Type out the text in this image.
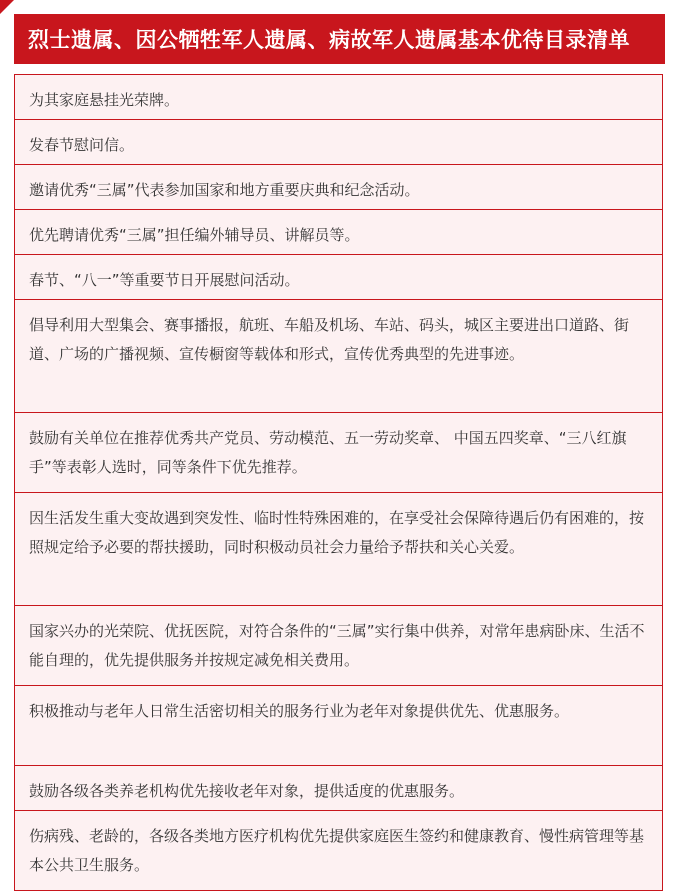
烈士遗属、因公牺牲军人遗属、病故军人遗属基本优待目录清单
为其家庭悬挂光荣牌。
发春节慰问信。
邀请优秀“三属”代表参加国家和地方重要庆典和纪念活动。
优先聘请优秀“三属”担任编外辅导员、讲解员等。
春节、“八一”等重要节日开展慰问活动。
倡导利用大型集会、赛事播报，航班、车船及机场、车站、码头，城区主要进出口道路、街道、广场的广播视频、宣传橱窗等载体和形式，宣传优秀典型的先进事迹。
鼓励有关单位在推荐优秀共产党员、劳动模范、五一劳动奖章、 中国五四奖章、“三八红旗手”等表彰人选时，同等条件下优先推荐。
因生活发生重大变故遇到突发性、临时性特殊困难的，在享受社会保障待遇后仍有困难的，按照规定给予必要的帮扶援助，同时积极动员社会力量给予帮扶和关心关爱。
国家兴办的光荣院、优抚医院，对符合条件的“三属”实行集中供养，对常年患病卧床、生活不能自理的，优先提供服务并按规定减免相关费用。
积极推动与老年人日常生活密切相关的服务行业为老年对象提供优先、优惠服务。
鼓励各级各类养老机构优先接收老年对象，提供适度的优惠服务。
伤病残、老龄的，各级各类地方医疗机构优先提供家庭医生签约和健康教育、慢性病管理等基本公共卫生服务。
